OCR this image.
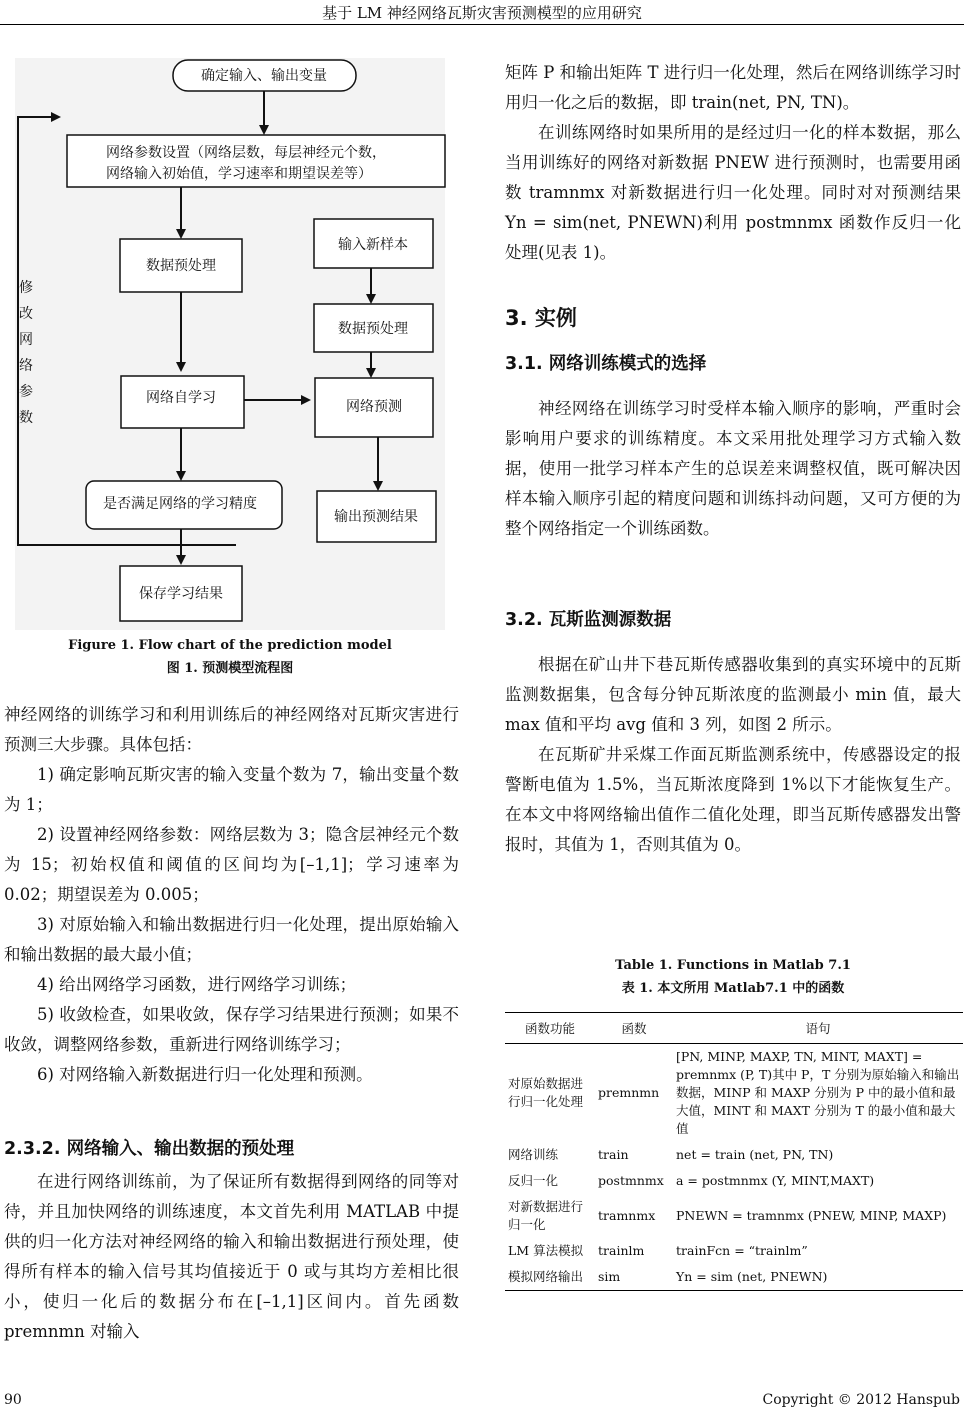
基于 LM 神经网络瓦斯灾害预测模型的应用研究
确定输入、输出变量
网络参数设置（网络层数，每层神经元个数，
网络输入初始值，学习速率和期望误差等）
数据预处理
输入新样本
数据预处理
网络自学习
网络预测
是否满足网络的学习精度
输出预测结果
保存学习结果
修
改
网
络
参
数
Figure 1. Flow chart of the prediction model
图 1. 预测模型流程图

神经网络的训练学习和利用训练后的神经网络对瓦斯灾害进行预测三大步骤。具体包括：

1) 确定影响瓦斯灾害的输入变量个数为 7，输出变量个数为 1；

2) 设置神经网络参数：网络层数为 3；隐含层神经元个数为 15；初始权值和阈值的区间均为[–1,1]；学习速率为 0.02；期望误差为 0.005；

3) 对原始输入和输出数据进行归一化处理，提出原始输入和输出数据的最大最小值；

4) 给出网络学习函数，进行网络学习训练；

5) 收敛检查，如果收敛，保存学习结果进行预测；如果不收敛，调整网络参数，重新进行网络训练学习；

6) 对网络输入新数据进行归一化处理和预测。

2.3.2. 网络输入、输出数据的预处理

在进行网络训练前，为了保证所有数据得到网络的同等对待，并且加快网络的训练速度，本文首先利用 MATLAB 中提供的归一化方法对神经网络的输入和输出数据进行预处理，使得所有样本的输入信号其均值接近于 0 或与其均方差相比很小，使归一化后的数据分布在[–1,1]区间内。首先函数 premnmn 对输入

矩阵 P 和输出矩阵 T 进行归一化处理，然后在网络训练学习时用归一化之后的数据，即 train(net, PN, TN)。

在训练网络时如果所用的是经过归一化的样本数据，那么当用训练好的网络对新数据 PNEW 进行预测时，也需要用函数 tramnmx 对新数据进行归一化处理。同时对对预测结果 Yn = sim(net, PNEWN)利用 postmnmx 函数作反归一化处理(见表 1)。

3. 实例
3.1. 网络训练模式的选择

神经网络在训练学习时受样本输入顺序的影响，严重时会影响用户要求的训练精度。本文采用批处理学习方式输入数据，使用一批学习样本产生的总误差来调整权值，既可解决因样本输入顺序引起的精度问题和训练抖动问题，又可方便的为整个网络指定一个训练函数。

3.2. 瓦斯监测源数据

根据在矿山井下巷瓦斯传感器收集到的真实环境中的瓦斯监测数据集，包含每分钟瓦斯浓度的监测最小 min 值，最大 max 值和平均 avg 值和 3 列，如图 2 所示。

在瓦斯矿井采煤工作面瓦斯监测系统中，传感器设定的报警断电值为 1.5%，当瓦斯浓度降到 1%以下才能恢复生产。在本文中将网络输出值作二值化处理，即当瓦斯传感器发出警报时，其值为 1，否则其值为 0。

Table 1. Functions in Matlab 7.1
表 1. 本文所用 Matlab7.1 中的函数
函数功能	函数	语句
对原始数据进行归一化处理	premnmn	[PN, MINP, MAXP, TN, MINT, MAXT] = premnmx (P, T)其中 P，T 分别为原始输入和输出数据，MINP 和 MAXP 分别为 P 中的最小值和最大值，MINT 和 MAXT 分别为 T 的最小值和最大值
网络训练	train	net = train (net, PN, TN)
反归一化	postmnmx	a = postmnmx (Y, MINT,MAXT)
对新数据进行归一化	tramnmx	PNEWN = tramnmx (PNEW, MINP, MAXP)
LM 算法模拟	trainlm	trainFcn = “trainlm”
模拟网络输出	sim	Yn = sim (net, PNEWN)
90	Copyright © 2012 Hanspub
